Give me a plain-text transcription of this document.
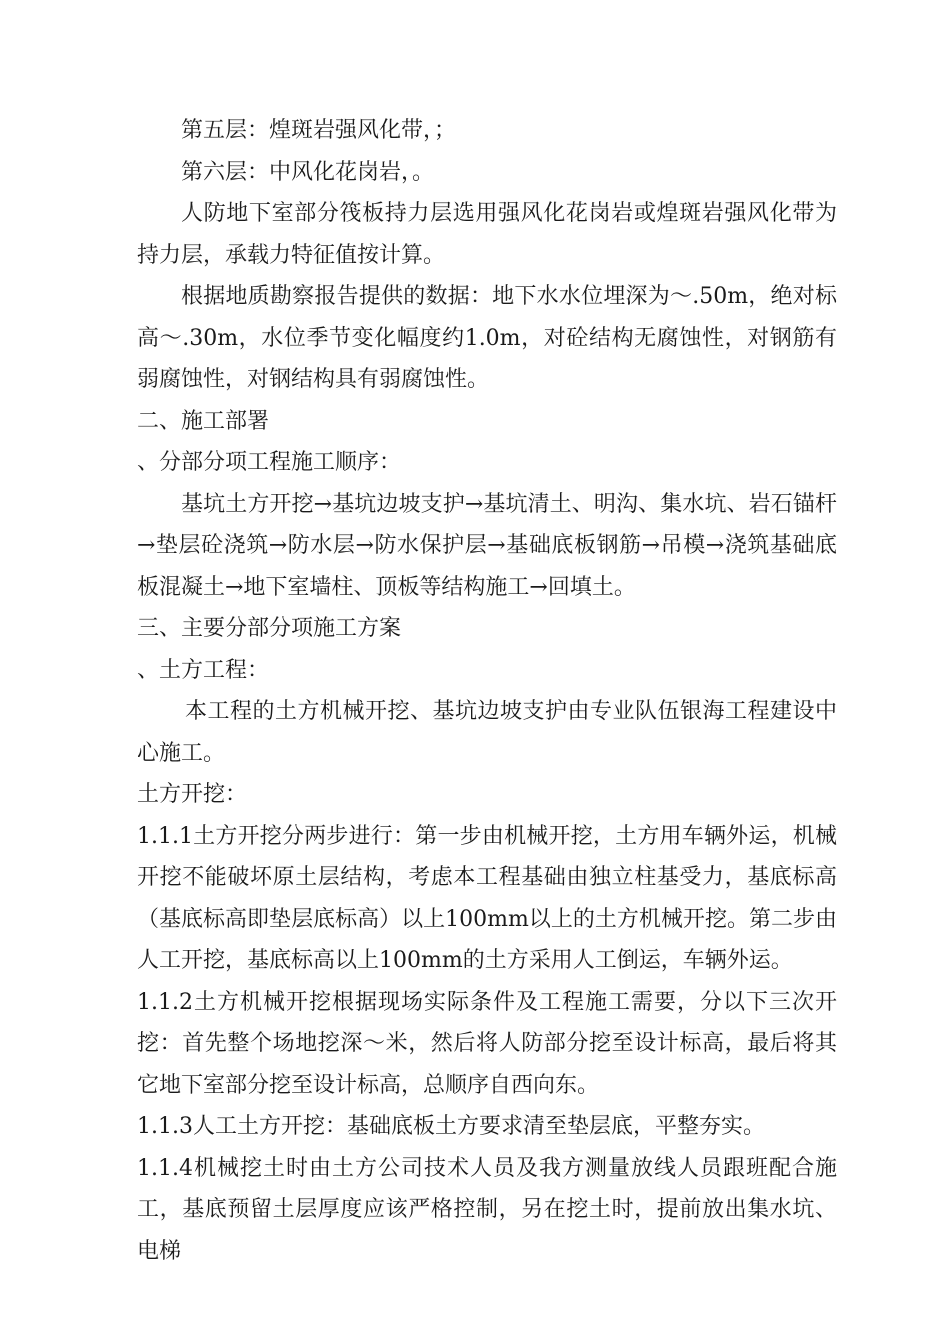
第五层：煌斑岩强风化带，；

第六层：中风化花岗岩，。

人防地下室部分筏板持力层选用强风化花岗岩或煌斑岩强风化带为持力层，承载力特征值按计算。

根据地质勘察报告提供的数据：地下水水位埋深为～.50m，绝对标高～.30m，水位季节变化幅度约1.0m，对砼结构无腐蚀性，对钢筋有弱腐蚀性，对钢结构具有弱腐蚀性。

二、施工部署

、分部分项工程施工顺序：

基坑土方开挖→基坑边坡支护→基坑清土、明沟、集水坑、岩石锚杆→垫层砼浇筑→防水层→防水保护层→基础底板钢筋→吊模→浇筑基础底板混凝土→地下室墙柱、顶板等结构施工→回填土。

三、主要分部分项施工方案

、土方工程：

本工程的土方机械开挖、基坑边坡支护由专业队伍银海工程建设中心施工。

土方开挖：

1.1.1土方开挖分两步进行：第一步由机械开挖，土方用车辆外运，机械开挖不能破坏原土层结构，考虑本工程基础由独立柱基受力，基底标高（基底标高即垫层底标高）以上100mm以上的土方机械开挖。第二步由人工开挖，基底标高以上100mm的土方采用人工倒运，车辆外运。

1.1.2土方机械开挖根据现场实际条件及工程施工需要，分以下三次开挖：首先整个场地挖深～米，然后将人防部分挖至设计标高，最后将其它地下室部分挖至设计标高，总顺序自西向东。

1.1.3人工土方开挖：基础底板土方要求清至垫层底，平整夯实。

1.1.4机械挖土时由土方公司技术人员及我方测量放线人员跟班配合施工，基底预留土层厚度应该严格控制，另在挖土时，提前放出集水坑、电梯
